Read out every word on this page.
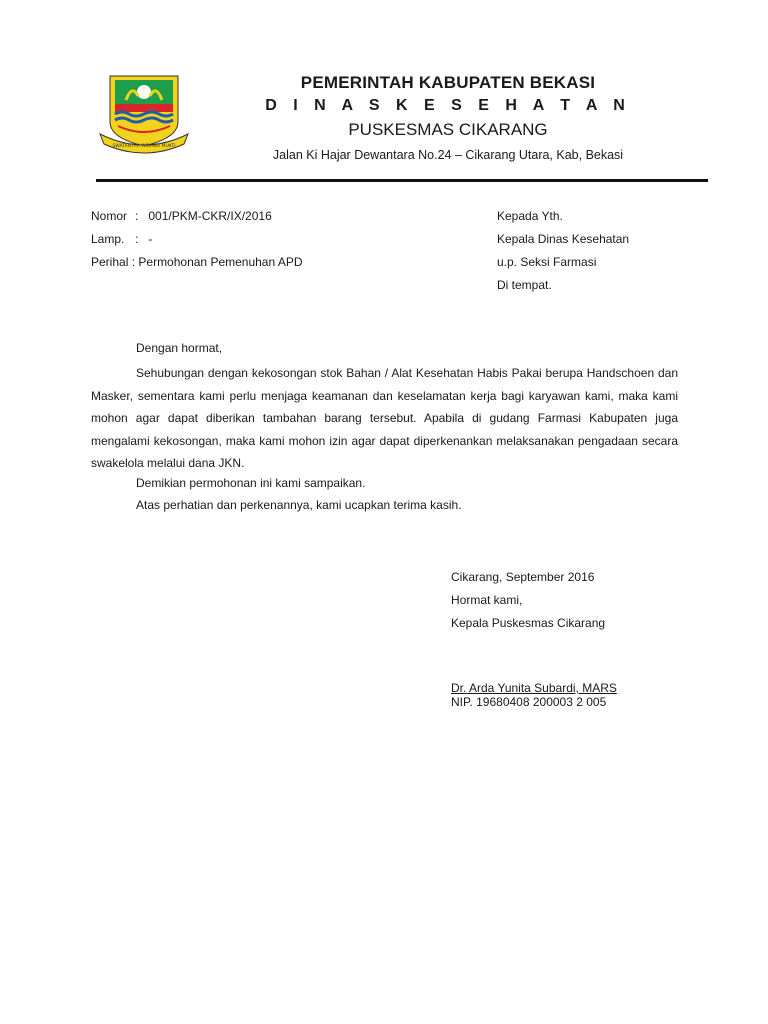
SWATANTRA WIBAWA MUKTI
PEMERINTAH KABUPATEN BEKASI
D I N A S K E S E H A T A N
PUSKESMAS CIKARANG
Jalan Ki Hajar Dewantara No.24 – Cikarang Utara, Kab, Bekasi
Nomor : 001/PKM-CKR/IX/2016
Lamp. : -
Perihal : Permohonan Pemenuhan APD
Kepada Yth.
Kepala Dinas Kesehatan
u.p. Seksi Farmasi
Di tempat.
Dengan hormat,
Sehubungan dengan kekosongan stok Bahan / Alat Kesehatan Habis Pakai berupa Handschoen dan Masker, sementara kami perlu menjaga keamanan dan keselamatan kerja bagi karyawan kami, maka kami mohon agar dapat diberikan tambahan barang tersebut. Apabila di gudang Farmasi Kabupaten juga mengalami kekosongan, maka kami mohon izin agar dapat diperkenankan melaksanakan pengadaan secara swakelola melalui dana JKN.
Demikian permohonan ini kami sampaikan.
Atas perhatian dan perkenannya, kami ucapkan terima kasih.
Cikarang, September 2016
Hormat kami,
Kepala Puskesmas Cikarang
Dr. Arda Yunita Subardi, MARS
NIP. 19680408 200003 2 005
